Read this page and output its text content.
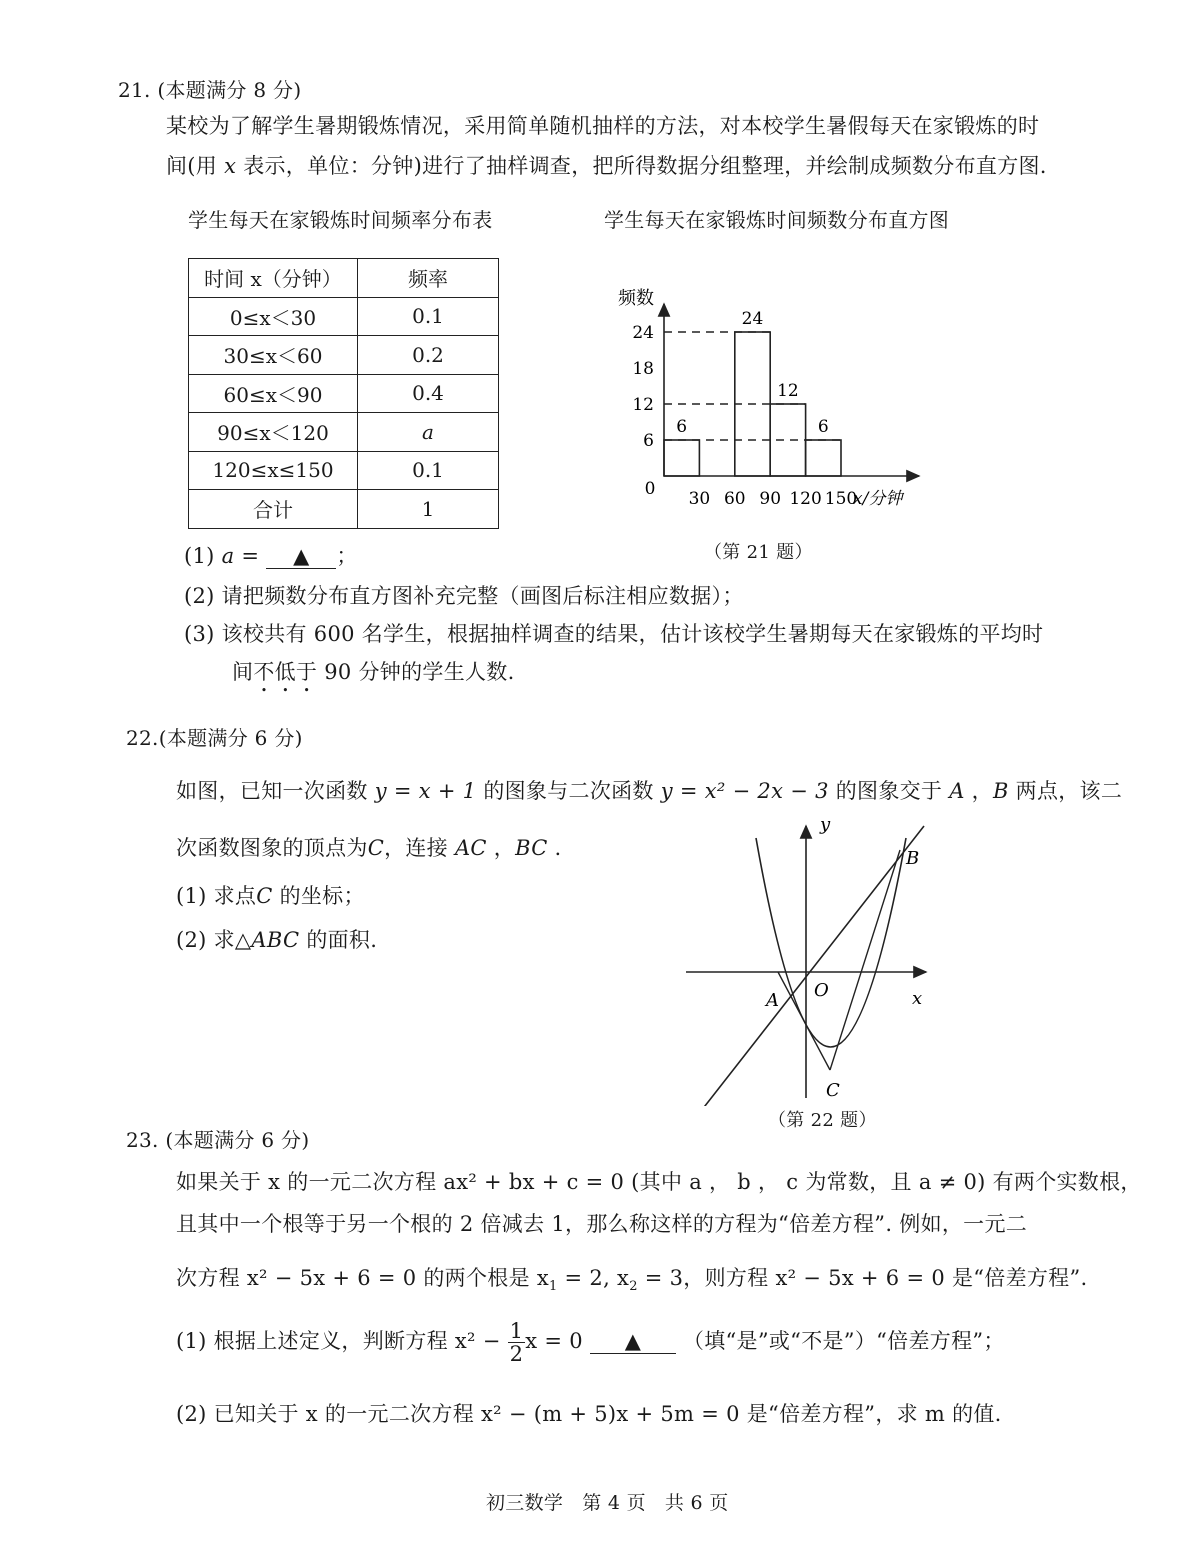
21. (本题满分 8 分)
某校为了解学生暑期锻炼情况，采用简单随机抽样的方法，对本校学生暑假每天在家锻炼的时
间(用 x 表示，单位：分钟)进行了抽样调查，把所得数据分组整理，并绘制成频数分布直方图.
学生每天在家锻炼时间频率分布表	学生每天在家锻炼时间频数分布直方图
时间 x（分钟）	频率
0≤x＜30	0.1
30≤x＜60	0.2
60≤x＜90	0.4
90≤x＜120	a
120≤x≤150	0.1
合计	1
6
24
12
6
6
12
18
24
30 60 90 120 150
0
频数
x/分钟
（第 21 题）
(1) a = ▲ ；
(2) 请把频数分布直方图补充完整（画图后标注相应数据）；
(3) 该校共有 600 名学生，根据抽样调查的结果，估计该校学生暑期每天在家锻炼的平均时
间不低于 90 分钟的学生人数.
22.(本题满分 6 分)
如图，已知一次函数 y = x + 1 的图象与二次函数 y = x² − 2x − 3 的图象交于 A ，B 两点，该二
次函数图象的顶点为C，连接 AC ，BC .
(1) 求点C 的坐标；
(2) 求△ABC 的面积.
y
x
O
A
B
C
（第 22 题）
23. (本题满分 6 分)
如果关于 x 的一元二次方程 ax² + bx + c = 0 (其中 a ， b ， c 为常数，且 a ≠ 0) 有两个实数根，
且其中一个根等于另一个根的 2 倍减去 1，那么称这样的方程为“倍差方程”. 例如，一元二
次方程 x² − 5x + 6 = 0 的两个根是 $x_1 = 2$, $x_2 = 3$，则方程 x² − 5x + 6 = 0 是“倍差方程”.
(1) 根据上述定义，判断方程 $x^2 - \frac{1}{2}$ x = 0 ▲ （填“是”或“不是”）“倍差方程”；
(2) 已知关于 x 的一元二次方程 x² − (m + 5)x + 5m = 0 是“倍差方程”，求 m 的值.
初三数学   第 4 页   共 6 页
